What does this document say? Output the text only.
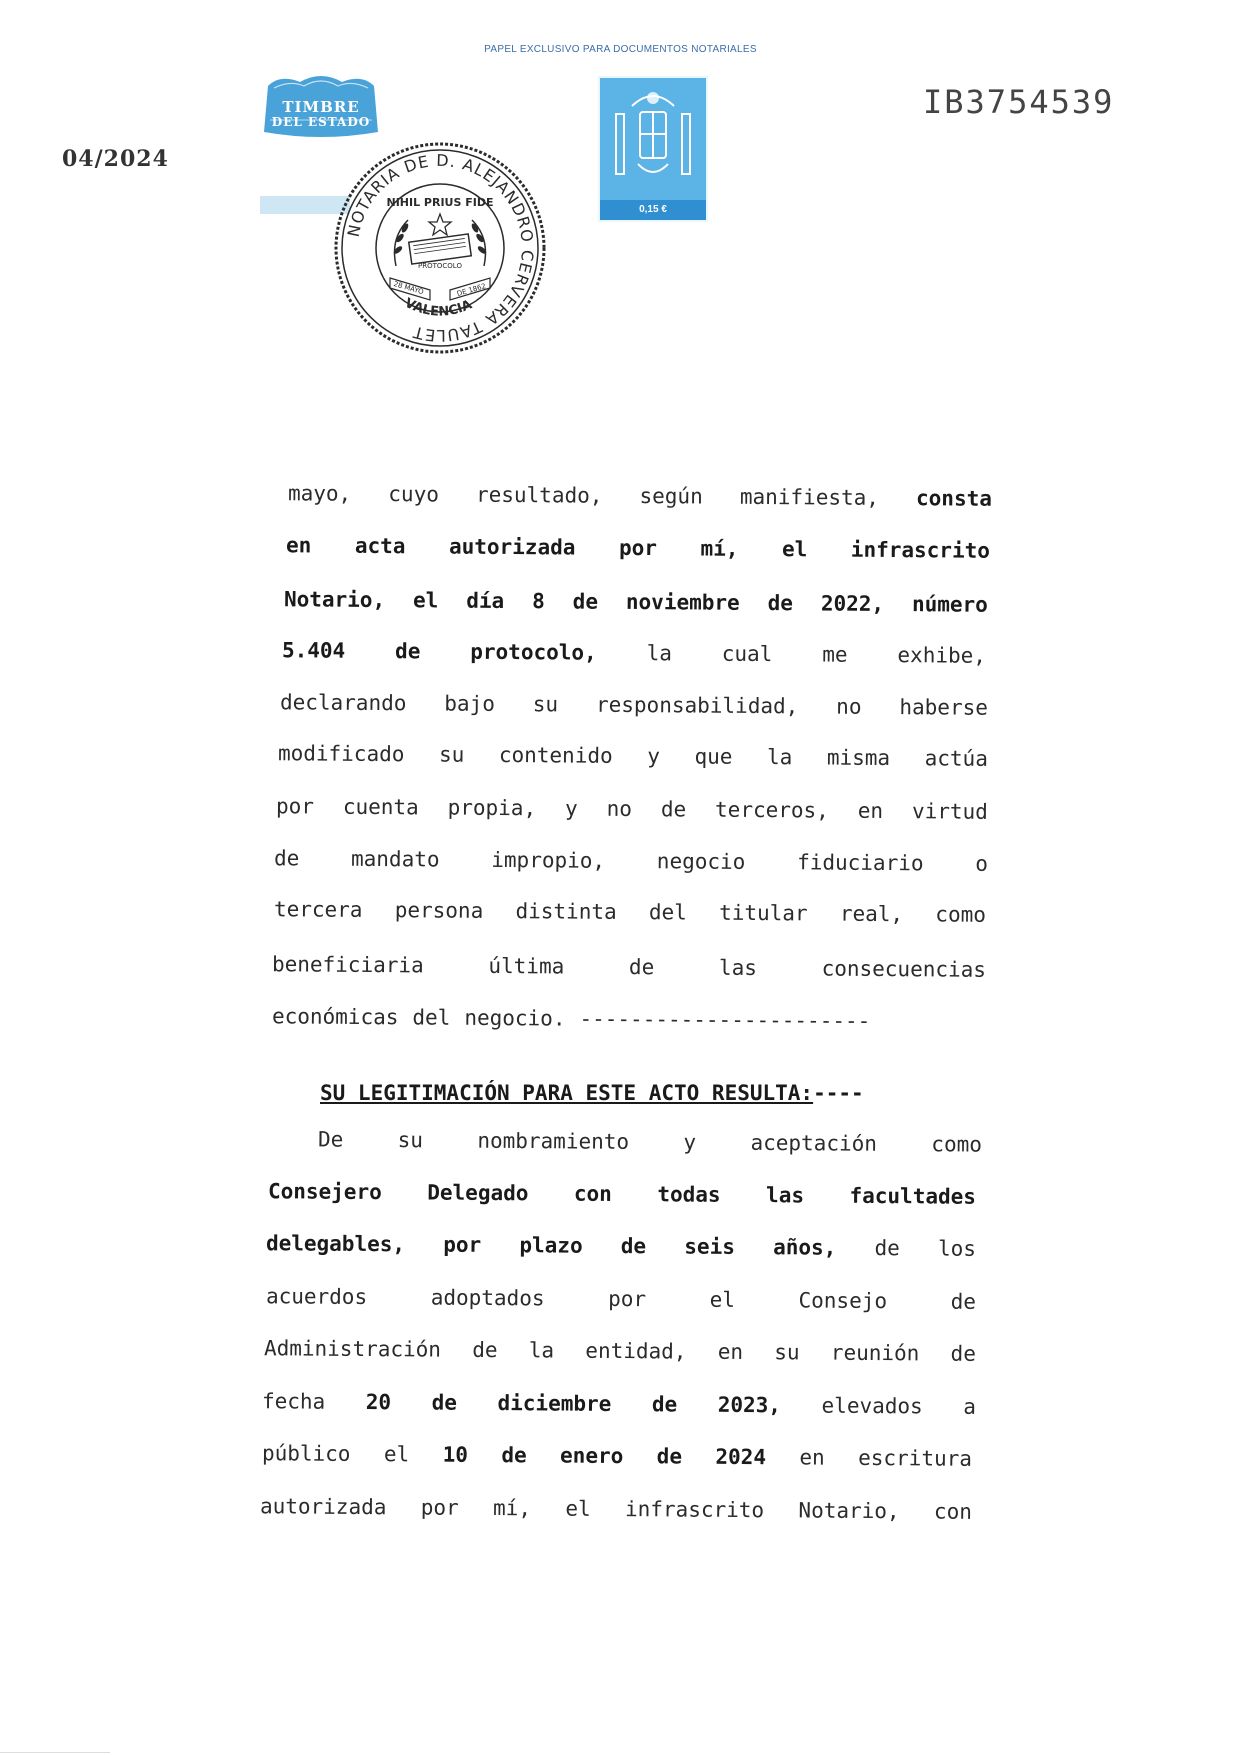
PAPEL EXCLUSIVO PARA DOCUMENTOS NOTARIALES
04/2024
IB3754539
TIMBRE
DEL ESTADO
NOTARIA DE D. ALEJANDRO CERVERA TAULET
VALENCIA
NIHIL PRIUS FIDE
PROTOCOLO
28 MAYO	DE 1862
0,15 €
mayo, cuyo resultado, según manifiesta, consta
en acta autorizada por mí, el infrascrito
Notario, el día 8 de noviembre de 2022, número
5.404 de protocolo, la cual me exhibe,
declarando bajo su responsabilidad, no haberse
modificado su contenido y que la misma actúa
por cuenta propia, y no de terceros, en virtud
de mandato impropio, negocio fiduciario o
tercera persona distinta del titular real, como
beneficiaria	última	de	las	consecuencias
económicas del negocio. -----------------------
De	su	nombramiento	y	aceptación	como
Consejero Delegado con todas las facultades
delegables, por plazo de seis años, de los
acuerdos	adoptados	por	el	Consejo	de
Administración de la entidad, en su reunión de
fecha 20 de diciembre de 2023, elevados a
público el 10 de enero de 2024 en escritura
autorizada por mí, el infrascrito Notario, con
SU LEGITIMACIÓN PARA ESTE ACTO RESULTA:----
